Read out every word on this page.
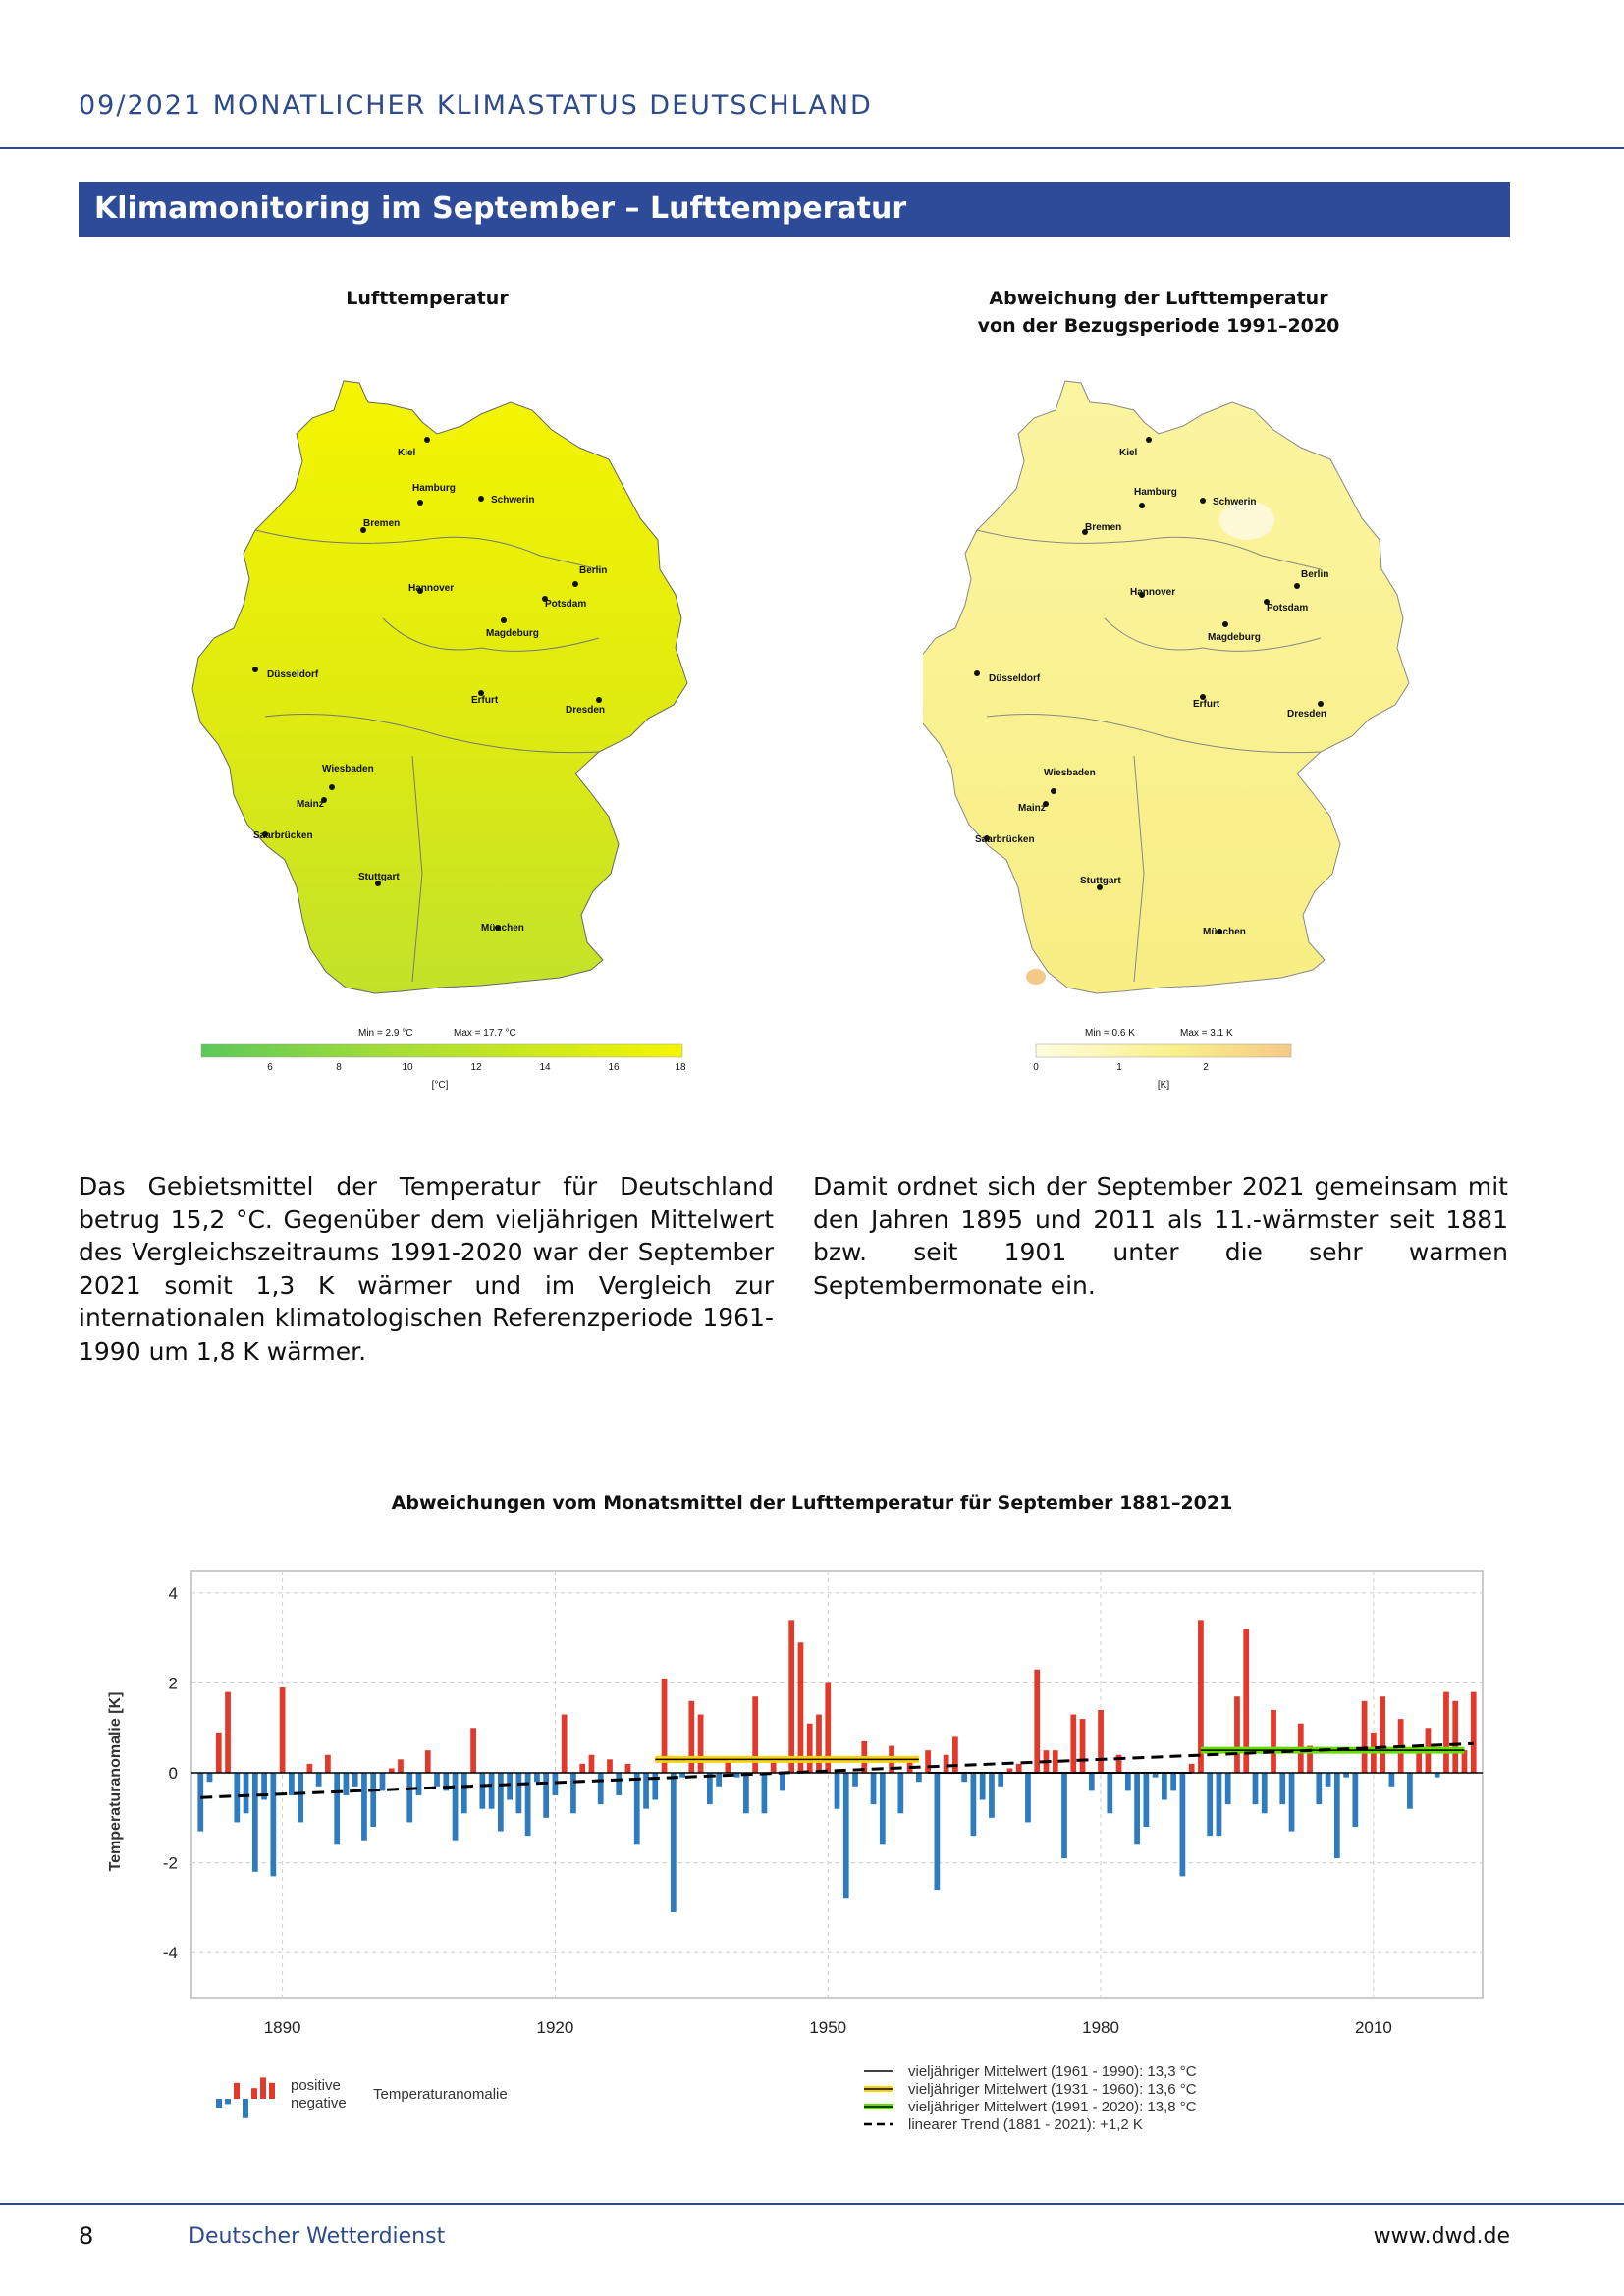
09/2021 MONATLICHER KLIMASTATUS DEUTSCHLAND
Klimamonitoring im September – Lufttemperatur
Lufttemperatur
Kiel
Hamburg
Schwerin
Bremen
Berlin
Hannover
Potsdam
Magdeburg
Düsseldorf
Erfurt
Dresden
Wiesbaden
Mainz
Saarbrücken
Stuttgart
München
Min = 2.9 °C	Max = 17.7 °C
6	8	10	12	14	16	18
[°C]
Abweichung der Lufttemperatur
von der Bezugsperiode 1991–2020
Kiel
Hamburg
Schwerin
Bremen
Berlin
Hannover
Potsdam
Magdeburg
Düsseldorf
Erfurt
Dresden
Wiesbaden
Mainz
Saarbrücken
Stuttgart
München
Min = 0.6 K	Max = 3.1 K
0	1	2
[K]
Das Gebietsmittel der Temperatur für Deutschland betrug 15,2 °C. Gegenüber dem vieljährigen Mittelwert des Vergleichszeitraums 1991-2020 war der September 2021 somit 1,3 K wärmer und im Vergleich zur internationalen klimatologischen Referenzperiode 1961-1990 um 1,8 K wärmer.
Damit ordnet sich der September 2021 gemeinsam mit den Jahren 1895 und 2011 als 11.-wärmster seit 1881 bzw. seit 1901 unter die sehr warmen Septembermonate ein.
Abweichungen vom Monatsmittel der Lufttemperatur für September 1881–2021
4
2
0
-2
-4
1890	1920	1950	1980	2010
Temperaturanomalie [K]
positive
negative
Temperaturanomalie
vieljähriger Mittelwert (1961 - 1990): 13,3 °C
vieljähriger Mittelwert (1931 - 1960): 13,6 °C
vieljähriger Mittelwert (1991 - 2020): 13,8 °C
linearer Trend (1881 - 2021): +1,2 K
8	Deutscher Wetterdienst	www.dwd.de
